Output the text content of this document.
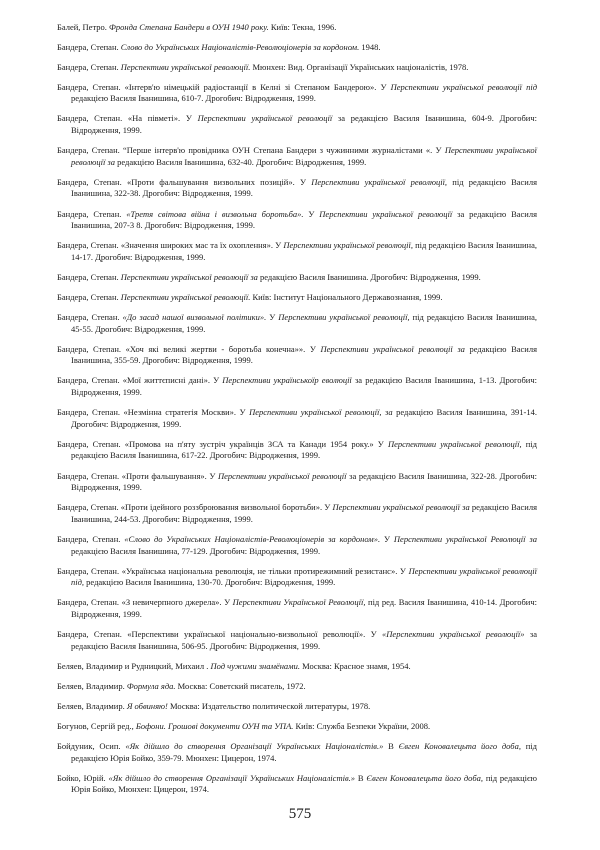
Балей, Петро. Фронда Степана Бандери в ОУН 1940 року. Київ: Текна, 1996.

Бандера, Степан. Слово до Українських Націоналістів-Революціонерів за кордоном. 1948.

Бандера, Степан. Перспективи української революції. Мюнхен: Вид. Організації Українських націоналістів, 1978.

Бандера, Степан. «Інтерв'ю німецькій радіостанції в Келні зі Степаном Бандерою». У Перспективи української революції під редакцією Василя Іванишина, 610-7. Дрогобич: Відродження, 1999.

Бандера, Степан. «На півметі». У Перспективи української революції за редакцією Василя Іванишина, 604-9. Дрогобич: Відродження, 1999.

Бандера, Степан. “Перше інтерв'ю провідника ОУН Степана Бандери з чужинними журналістами «. У Перспективи української революції за редакцією Василя Іванишина, 632-40. Дрогобич: Відродження, 1999.

Бандера, Степан. «Проти фальшування визвольних позицій». У Перспективи української революції, під редакцією Василя Іванишина, 322-38. Дрогобич: Відродження, 1999.

Бандера, Степан. «Третя світова війна і визвольна боротьба». У Перспективи української революції за редакцією Василя Іванишина, 207-3 8. Дрогобич: Відродження, 1999.

Бандера, Степан. «Значення широких мас та їх охоплення». У Перспективи української революції, під редакцією Василя Іванишина, 14-17. Дрогобич: Відродження, 1999.

Бандера, Степан. Перспективи української революції за редакцією Василя Іванишина. Дрогобич: Відродження, 1999.

Бандера, Степан. Перспективи української революції. Київ: Інститут Національного Державознання, 1999.

Бандера, Степан. «До засад нашої визвольної політики». У Перспективи української революції, під редакцією Василя Іванишина, 45-55. Дрогобич: Відродження, 1999.

Бандера, Степан. «Хоч які великі жертви - боротьба конечна»». У Перспективи української революції за редакцією Василя Іванишина, 355-59. Дрогобич: Відродження, 1999.

Бандера, Степан. «Мої життєписні дані». У Перспективи українськоїр еволюції за редакцією Василя Іванишина, 1-13. Дрогобич: Відродження, 1999.

Бандера, Степан. «Незмінна стратегія Москви». У Перспективи української революції, за редакцією Василя Іванишина, 391-14. Дрогобич: Відродження, 1999.

Бандера, Степан. «Промова на п'яту зустріч українців ЗСА та Канади 1954 року.» У Перспективи української революції, під редакцією Василя Іванишина, 617-22. Дрогобич: Відродження, 1999.

Бандера, Степан. «Проти фальшування». У Перспективи української революції за редакцією Василя Іванишина, 322-28. Дрогобич: Відродження, 1999.

Бандера, Степан. «Проти ідейного роззброювання визвольної боротьби». У Перспективи української революції за редакцією Василя Іванишина, 244-53. Дрогобич: Відродження, 1999.

Бандера, Степан. «Слово до Українських Націоналістів-Революціонерів за кордоном». У Перспективи української Революції за редакцією Василя Іванишина, 77-129. Дрогобич: Відродження, 1999.

Бандера, Степан. «Українська національна революція, не тільки протирежимний резистанс». У Перспективи української революції під, редакцією Василя Іванишина, 130-70. Дрогобич: Відродження, 1999.

Бандера, Степан. «З невичерпного джерела». У Перспективи Української Революції, під ред. Василя Іванишина, 410-14. Дрогобич: Відродження, 1999.

Бандера, Степан. «Перспективи української національно-визвольної революції». У «Перспективи української революції» за редакцією Василя Іванишина, 506-95. Дрогобич: Відродження, 1999.

Беляев, Владимир и Рудницкий, Михаил . Под чужими знамёнами. Москва: Красное знамя, 1954.

Беляев, Владимир. Формула яда. Москва: Советский писатель, 1972.

Беляев, Владимир. Я обвиняю! Москва: Издательство политической литературы, 1978.

Богунов, Сергій ред., Бофони. Грошові документи ОУН та УПА. Київ: Служба Безпеки України, 2008.

Бойдуник, Осип. «Як дійшло до створення Організації Українських Націоналістів.» В Євген Коновалецьта його доба, під редакцією Юрія Бойко, 359-79. Мюнхен: Цицерон, 1974.

Бойко, Юрій. «Як дійшло до створення Організації Українських Націоналістів.» В Євген Коновалецьта його доба, під редакцією Юрія Бойко, Мюнхен: Цицерон, 1974.

575
